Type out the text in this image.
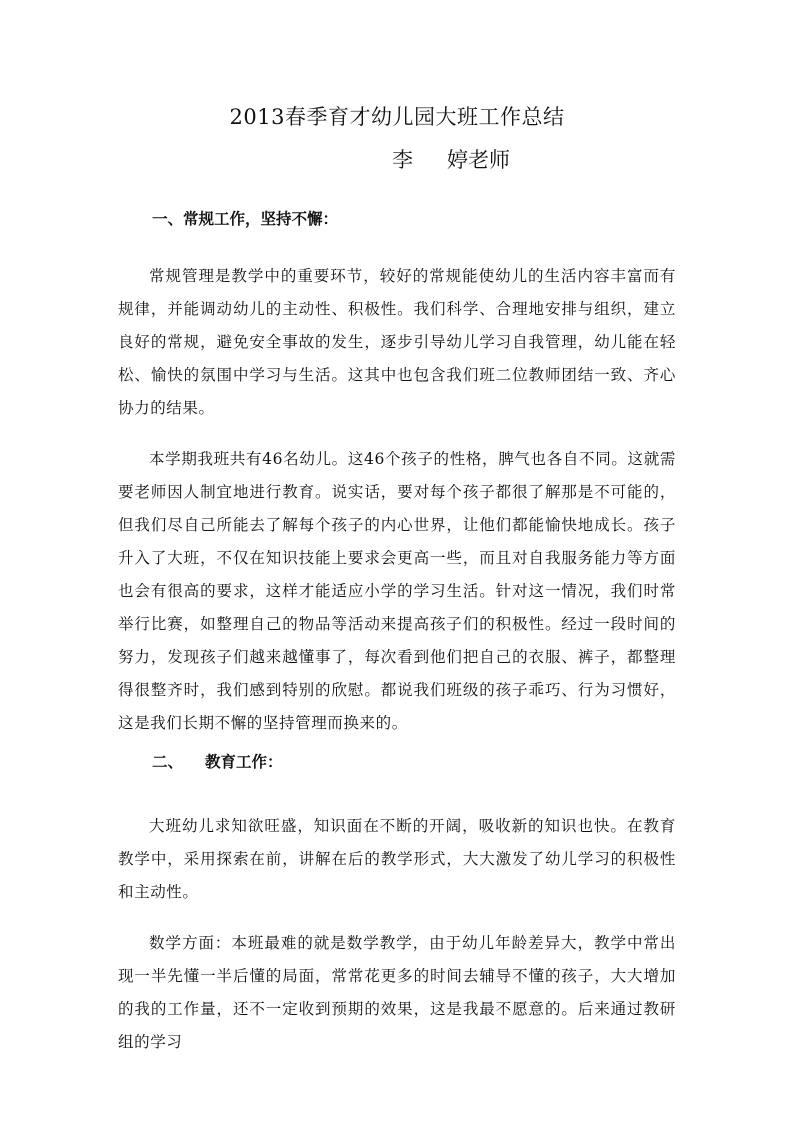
2013春季育才幼儿园大班工作总结
李 婷老师
一、常规工作，坚持不懈：

常规管理是教学中的重要环节，较好的常规能使幼儿的生活内容丰富而有规律，并能调动幼儿的主动性、积极性。我们科学、合理地安排与组织，建立良好的常规，避免安全事故的发生，逐步引导幼儿学习自我管理，幼儿能在轻松、愉快的氛围中学习与生活。这其中也包含我们班二位教师团结一致、齐心协力的结果。

本学期我班共有46名幼儿。这46个孩子的性格，脾气也各自不同。这就需要老师因人制宜地进行教育。说实话，要对每个孩子都很了解那是不可能的，但我们尽自己所能去了解每个孩子的内心世界，让他们都能愉快地成长。孩子升入了大班，不仅在知识技能上要求会更高一些，而且对自我服务能力等方面也会有很高的要求，这样才能适应小学的学习生活。针对这一情况，我们时常举行比赛，如整理自己的物品等活动来提高孩子们的积极性。经过一段时间的努力，发现孩子们越来越懂事了，每次看到他们把自己的衣服、裤子，都整理得很整齐时，我们感到特别的欣慰。都说我们班级的孩子乖巧、行为习惯好，这是我们长期不懈的坚持管理而换来的。

二、 教育工作：

大班幼儿求知欲旺盛，知识面在不断的开阔，吸收新的知识也快。在教育教学中，采用探索在前，讲解在后的教学形式，大大激发了幼儿学习的积极性和主动性。

数学方面：本班最难的就是数学教学，由于幼儿年龄差异大，教学中常出现一半先懂一半后懂的局面，常常花更多的时间去辅导不懂的孩子，大大增加的我的工作量，还不一定收到预期的效果，这是我最不愿意的。后来通过教研组的学习
